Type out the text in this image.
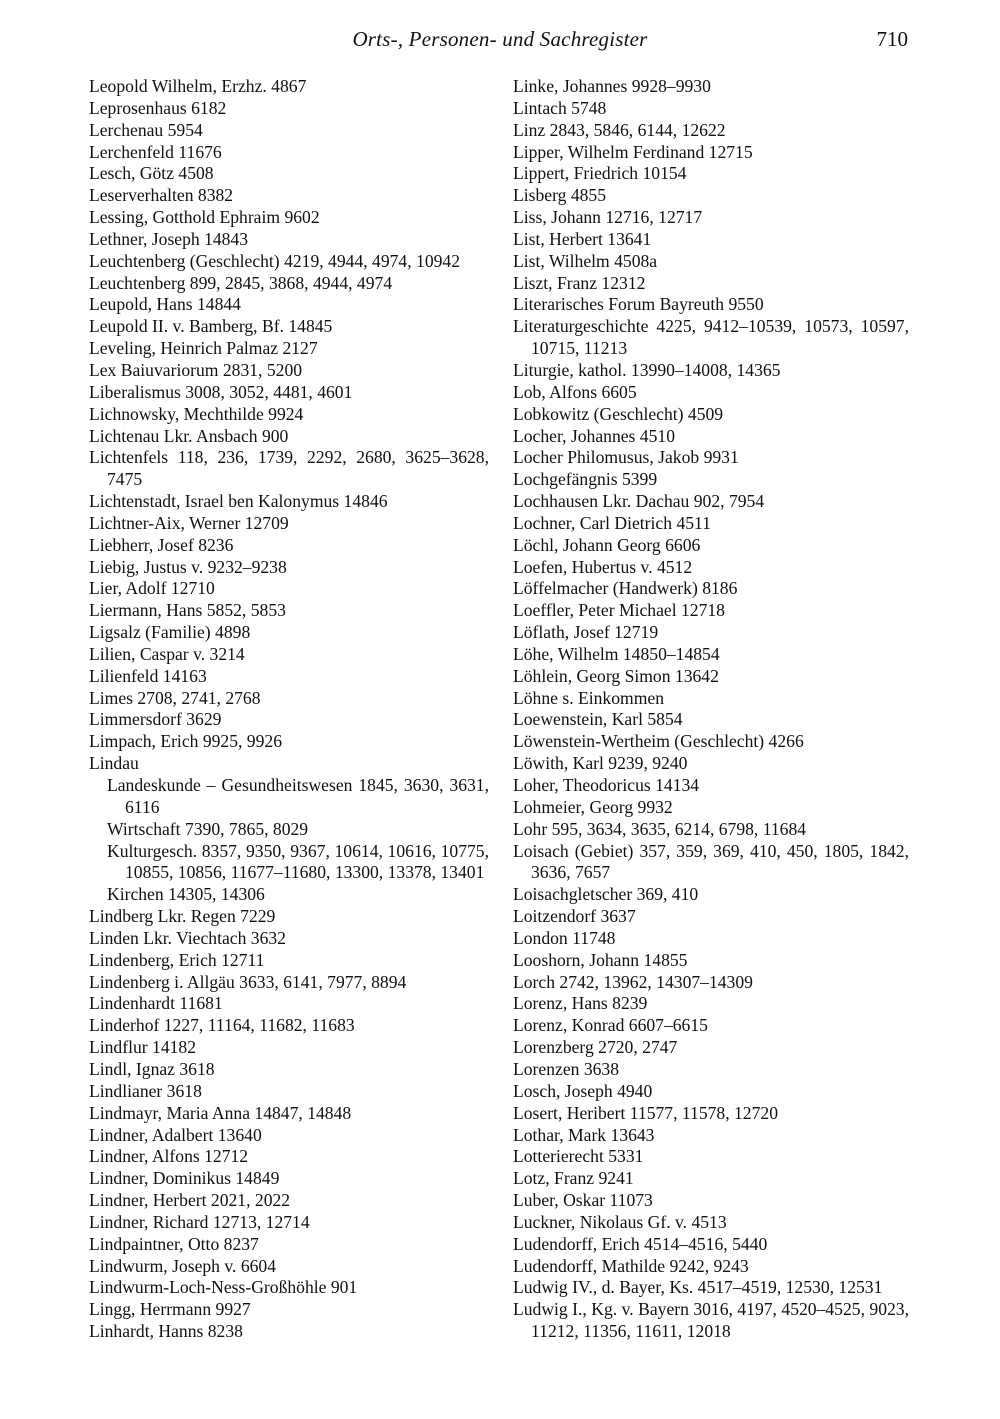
Orts-, Personen- und Sachregister	710
Leopold Wilhelm, Erzhz. 4867
Leprosenhaus 6182
Lerchenau 5954
Lerchenfeld 11676
Lesch, Götz 4508
Leserverhalten 8382
Lessing, Gotthold Ephraim 9602
Lethner, Joseph 14843
Leuchtenberg (Geschlecht) 4219, 4944, 4974, 10942
Leuchtenberg 899, 2845, 3868, 4944, 4974
Leupold, Hans 14844
Leupold II. v. Bamberg, Bf. 14845
Leveling, Heinrich Palmaz 2127
Lex Baiuvariorum 2831, 5200
Liberalismus 3008, 3052, 4481, 4601
Lichnowsky, Mechthilde 9924
Lichtenau Lkr. Ansbach 900
Lichtenfels 118, 236, 1739, 2292, 2680, 3625–3628, 7475
Lichtenstadt, Israel ben Kalonymus 14846
Lichtner-Aix, Werner 12709
Liebherr, Josef 8236
Liebig, Justus v. 9232–9238
Lier, Adolf 12710
Liermann, Hans 5852, 5853
Ligsalz (Familie) 4898
Lilien, Caspar v. 3214
Lilienfeld 14163
Limes 2708, 2741, 2768
Limmersdorf 3629
Limpach, Erich 9925, 9926
Lindau
Landeskunde – Gesundheitswesen 1845, 3630, 3631, 6116
Wirtschaft 7390, 7865, 8029
Kulturgesch. 8357, 9350, 9367, 10614, 10616, 10775, 10855, 10856, 11677–11680, 13300, 13378, 13401
Kirchen 14305, 14306
Lindberg Lkr. Regen 7229
Linden Lkr. Viechtach 3632
Lindenberg, Erich 12711
Lindenberg i. Allgäu 3633, 6141, 7977, 8894
Lindenhardt 11681
Linderhof 1227, 11164, 11682, 11683
Lindflur 14182
Lindl, Ignaz 3618
Lindlianer 3618
Lindmayr, Maria Anna 14847, 14848
Lindner, Adalbert 13640
Lindner, Alfons 12712
Lindner, Dominikus 14849
Lindner, Herbert 2021, 2022
Lindner, Richard 12713, 12714
Lindpaintner, Otto 8237
Lindwurm, Joseph v. 6604
Lindwurm-Loch-Ness-Großhöhle 901
Lingg, Herrmann 9927
Linhardt, Hanns 8238
Linke, Johannes 9928–9930
Lintach 5748
Linz 2843, 5846, 6144, 12622
Lipper, Wilhelm Ferdinand 12715
Lippert, Friedrich 10154
Lisberg 4855
Liss, Johann 12716, 12717
List, Herbert 13641
List, Wilhelm 4508a
Liszt, Franz 12312
Literarisches Forum Bayreuth 9550
Literaturgeschichte 4225, 9412–10539, 10573, 10597, 10715, 11213
Liturgie, kathol. 13990–14008, 14365
Lob, Alfons 6605
Lobkowitz (Geschlecht) 4509
Locher, Johannes 4510
Locher Philomusus, Jakob 9931
Lochgefängnis 5399
Lochhausen Lkr. Dachau 902, 7954
Lochner, Carl Dietrich 4511
Löchl, Johann Georg 6606
Loefen, Hubertus v. 4512
Löffelmacher (Handwerk) 8186
Loeffler, Peter Michael 12718
Löflath, Josef 12719
Löhe, Wilhelm 14850–14854
Löhlein, Georg Simon 13642
Löhne s. Einkommen
Loewenstein, Karl 5854
Löwenstein-Wertheim (Geschlecht) 4266
Löwith, Karl 9239, 9240
Loher, Theodoricus 14134
Lohmeier, Georg 9932
Lohr 595, 3634, 3635, 6214, 6798, 11684
Loisach (Gebiet) 357, 359, 369, 410, 450, 1805, 1842, 3636, 7657
Loisachgletscher 369, 410
Loitzendorf 3637
London 11748
Looshorn, Johann 14855
Lorch 2742, 13962, 14307–14309
Lorenz, Hans 8239
Lorenz, Konrad 6607–6615
Lorenzberg 2720, 2747
Lorenzen 3638
Losch, Joseph 4940
Losert, Heribert 11577, 11578, 12720
Lothar, Mark 13643
Lotterierecht 5331
Lotz, Franz 9241
Luber, Oskar 11073
Luckner, Nikolaus Gf. v. 4513
Ludendorff, Erich 4514–4516, 5440
Ludendorff, Mathilde 9242, 9243
Ludwig IV., d. Bayer, Ks. 4517–4519, 12530, 12531
Ludwig I., Kg. v. Bayern 3016, 4197, 4520–4525, 9023, 11212, 11356, 11611, 12018
